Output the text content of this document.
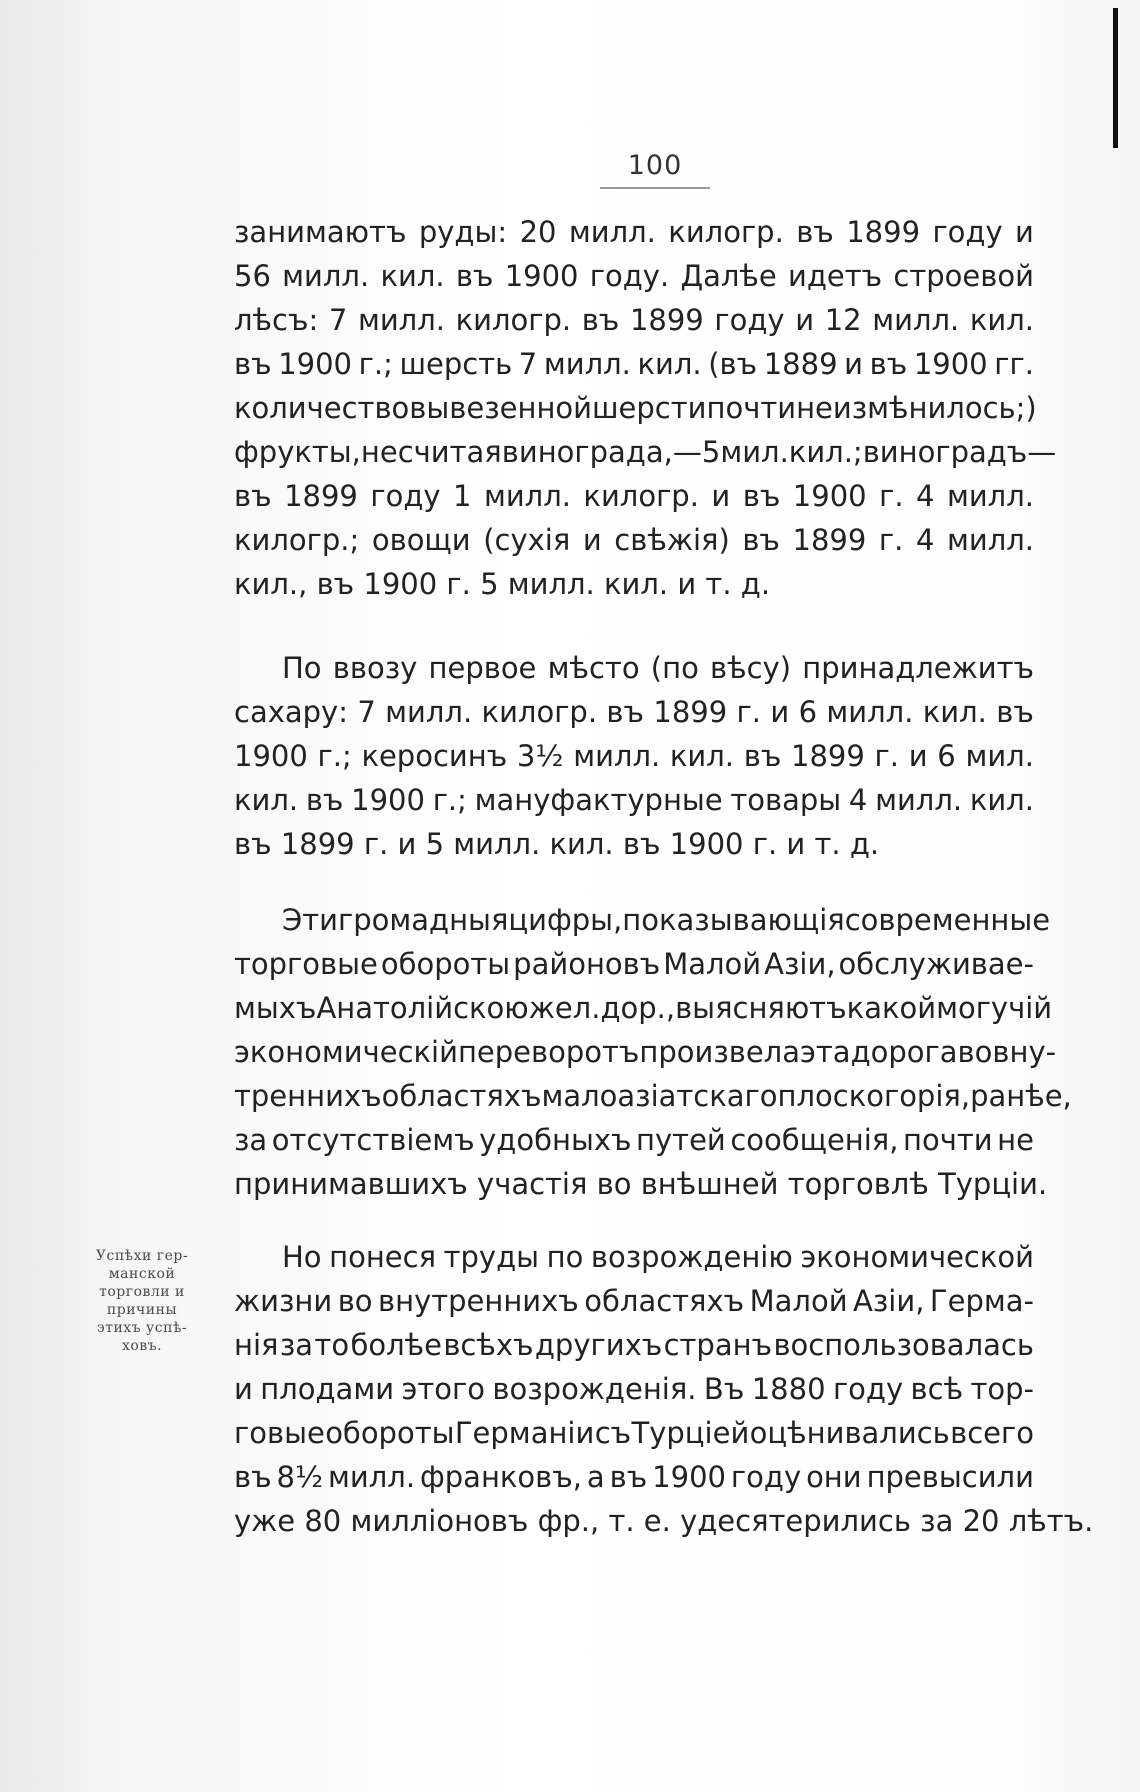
100
занимаютъ руды: 20 милл. килогр. въ 1899 году и
56 милл. кил. въ 1900 году. Далѣе идетъ строевой
лѣсъ: 7 милл. килогр. въ 1899 году и 12 милл. кил.
въ 1900 г.; шерсть 7 милл. кил. (въ 1889 и въ 1900 гг.
количество вывезенной шерсти почти не измѣнилось;)
фрукты, не считая винограда,—5 мил. кил.; виноградъ—
въ 1899 году 1 милл. килогр. и въ 1900 г. 4 милл.
килогр.; овощи (сухія и свѣжія) въ 1899 г. 4 милл.
кил., въ 1900 г. 5 милл. кил. и т. д.
По ввозу первое мѣсто (по вѣсу) принадлежитъ
сахару: 7 милл. килогр. въ 1899 г. и 6 милл. кил. въ
1900 г.; керосинъ 3½ милл. кил. въ 1899 г. и 6 мил.
кил. въ 1900 г.; мануфактурные товары 4 милл. кил.
въ 1899 г. и 5 милл. кил. въ 1900 г. и т. д.
Эти громадныя цифры, показывающія современные
торговые обороты районовъ Малой Азіи, обслуживае-
мыхъ Анатолійскою жел. дор., выясняютъ какой могучій
экономическій переворотъ произвела эта дорога во вну-
треннихъ областяхъ малоазіатскаго плоскогорія, ранѣе,
за отсутствіемъ удобныхъ путей сообщенія, почти не
принимавшихъ участія во внѣшней торговлѣ Турціи.
Успѣхи гер-
манской
торговли и
причины
этихъ успѣ-
ховъ.
Но понеся труды по возрожденію экономической
жизни во внутреннихъ областяхъ Малой Азіи, Герма-
нія за то болѣе всѣхъ другихъ странъ воспользовалась
и плодами этого возрожденія. Въ 1880 году всѣ тор-
говые обороты Германіи съ Турціей оцѣнивались всего
въ 8½ милл. франковъ, а въ 1900 году они превысили
уже 80 милліоновъ фр., т. е. удесятерились за 20 лѣтъ.
